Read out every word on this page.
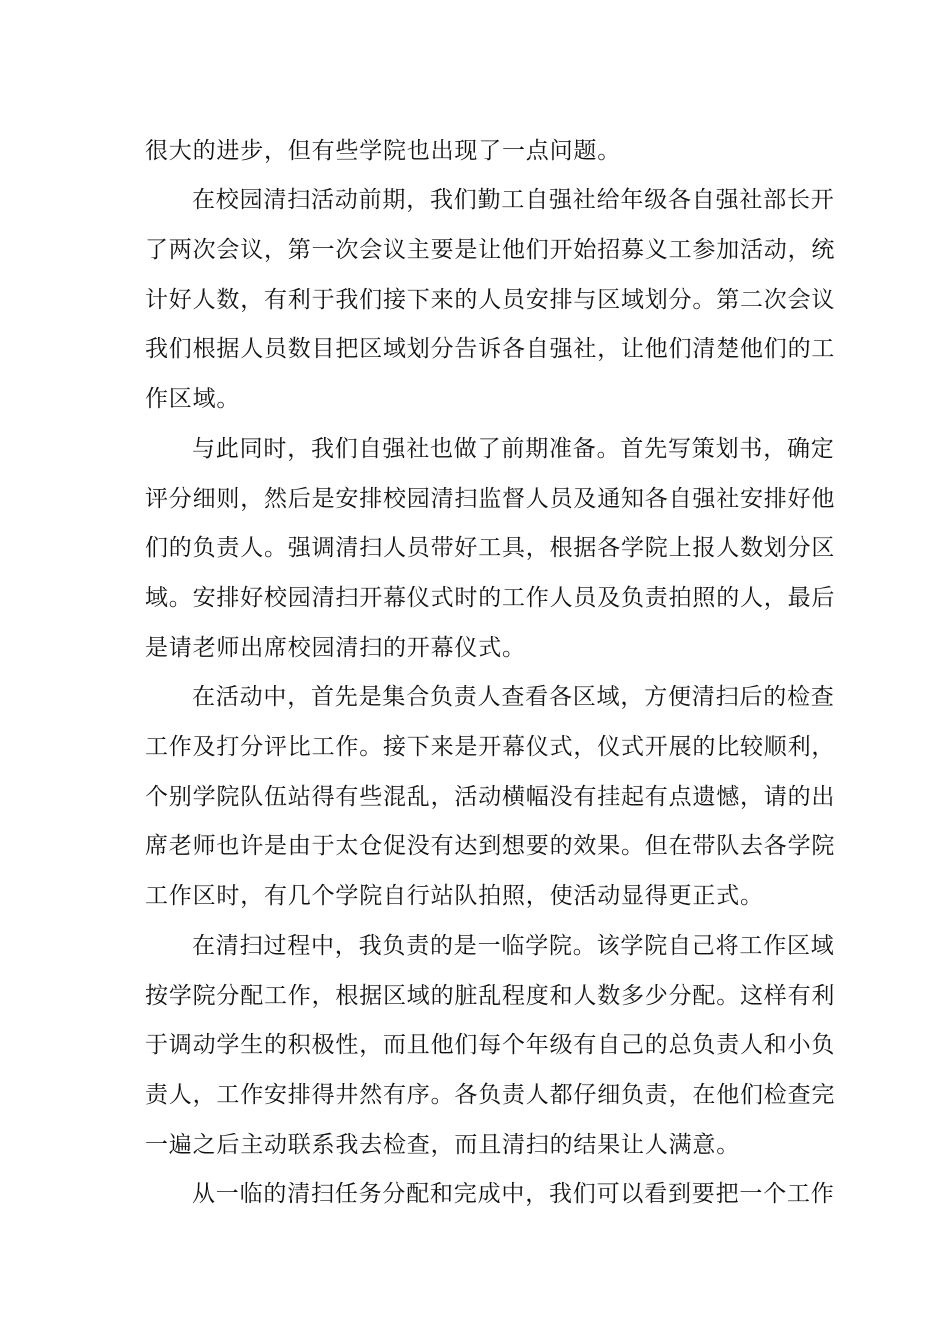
很大的进步，但有些学院也出现了一点问题。
在校园清扫活动前期，我们勤工自强社给年级各自强社部长开
了两次会议，第一次会议主要是让他们开始招募义工参加活动，统
计好人数，有利于我们接下来的人员安排与区域划分。第二次会议
我们根据人员数目把区域划分告诉各自强社，让他们清楚他们的工
作区域。
与此同时，我们自强社也做了前期准备。首先写策划书，确定
评分细则，然后是安排校园清扫监督人员及通知各自强社安排好他
们的负责人。强调清扫人员带好工具，根据各学院上报人数划分区
域。安排好校园清扫开幕仪式时的工作人员及负责拍照的人，最后
是请老师出席校园清扫的开幕仪式。
在活动中，首先是集合负责人查看各区域，方便清扫后的检查
工作及打分评比工作。接下来是开幕仪式，仪式开展的比较顺利，
个别学院队伍站得有些混乱，活动横幅没有挂起有点遗憾，请的出
席老师也许是由于太仓促没有达到想要的效果。但在带队去各学院
工作区时，有几个学院自行站队拍照，使活动显得更正式。
在清扫过程中，我负责的是一临学院。该学院自己将工作区域
按学院分配工作，根据区域的脏乱程度和人数多少分配。这样有利
于调动学生的积极性，而且他们每个年级有自己的总负责人和小负
责人，工作安排得井然有序。各负责人都仔细负责，在他们检查完
一遍之后主动联系我去检查，而且清扫的结果让人满意。
从一临的清扫任务分配和完成中，我们可以看到要把一个工作
